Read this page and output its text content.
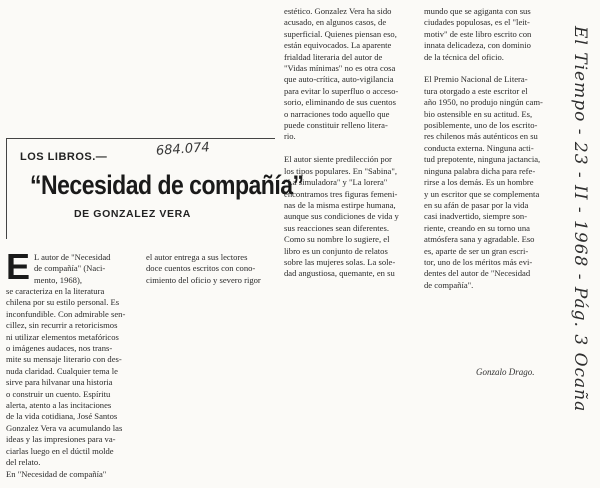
estético. Gonzalez Vera ha sido
acusado, en algunos casos, de
superficial. Quienes piensan eso,
están equivocados. La aparente
frialdad literaria del autor de
"Vidas mínimas" no es otra cosa
que auto-crítica, auto-vigilancia
para evitar lo superfluo o acceso-
sorio, eliminando de sus cuentos
o narraciones todo aquello que
puede constituir relleno litera-
rio.

El autor siente predilección por
los tipos populares. En "Sabina",
"La simuladora" y "La lorera"
encontramos tres figuras femeni-
nas de la misma estirpe humana,
aunque sus condiciones de vida y
sus reacciones sean diferentes.
Como su nombre lo sugiere, el
libro es un conjunto de relatos
sobre las mujeres solas. La sole-
dad angustiosa, quemante, en su
mundo que se agiganta con sus
ciudades populosas, es el "leit-
motiv" de este libro escrito con
innata delicadeza, con dominio
de la técnica del oficio.

El Premio Nacional de Litera-
tura otorgado a este escritor el
año 1950, no produjo ningún cam-
bio ostensible en su actitud. Es,
posiblemente, uno de los escrito-
res chilenos más auténticos en su
conducta externa. Ninguna acti-
tud prepotente, ninguna jactancia,
ninguna palabra dicha para refe-
rirse a los demás. Es un hombre
y un escritor que se complementa
en su afán de pasar por la vida
casi inadvertido, siempre son-
riente, creando en su torno una
atmósfera sana y agradable. Eso
es, aparte de ser un gran escri-
tor, uno de los méritos más evi-
dentes del autor de "Necesidad
de compañía".
LOS LIBROS.—	684.074
“Necesidad de compañía”
DE GONZALEZ VERA
E L autor de "Necesidad
de compañía" (Naci-
mento, 1968),
se caracteriza en la literatura
chilena por su estilo personal. Es
inconfundible. Con admirable sen-
cillez, sin recurrir a retoricismos
ni utilizar elementos metafóricos
o imágenes audaces, nos trans-
mite su mensaje literario con des-
nuda claridad. Cualquier tema le
sirve para hilvanar una historia
o construir un cuento. Espíritu
alerta, atento a las incitaciones
de la vida cotidiana, José Santos
Gonzalez Vera va acumulando las
ideas y las impresiones para va-
ciarlas luego en el dúctil molde
del relato.
En "Necesidad de compañía"
el autor entrega a sus lectores
doce cuentos escritos con cono-
cimiento del oficio y severo rigor
Gonzalo Drago. El Tiempo - 23 - II - 1968 - Pág. 3 Ocaña
